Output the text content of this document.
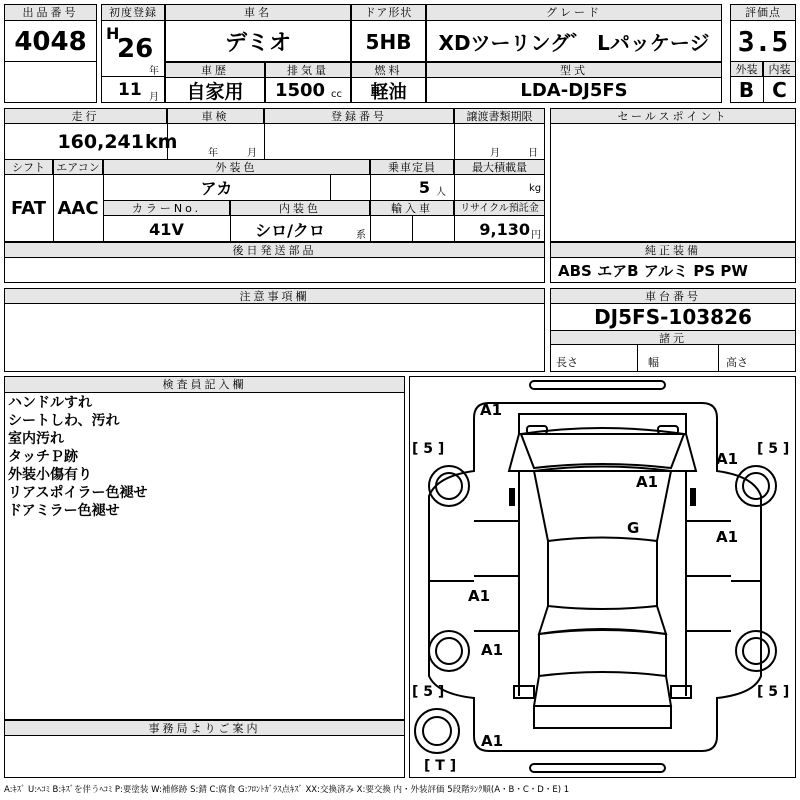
出品番号
4048
初度登録
H
26
年
11 月
車名
デミオ
ドア形状
5HB
グレード
XDツーリング゛ Lパッケージ
評価点
3.5
外装	内装
B C
車歴
自家用
排気量
1500 cc
燃料
軽油
型式
LDA-DJ5FS
走行	車検	登録番号	譲渡書類期限
160,241 km
年	月	月	日
シフト	エアコン	外装色	乗車定員	最大積載量
FAT AAC
アカ	5 人	kg
カラーNo.	内装色	輸入車	リサイクル預託金
41V	シロ/クロ	系	9,130 円
セールスポイント
後日発送部品	純正装備
ABS エアB アルミ PS PW
注意事項欄	車台番号
DJ5FS-103826
諸元
長さ	幅	高さ
検査員記入欄
ハンドルすれ
シートしわ、汚れ
室内汚れ
タッチＰ跡
外装小傷有り
リアスポイラー色褪せ
ドアミラー色褪せ
事務局よりご案内
A1
A1
A1
G	A1
A1
A1
A1
[ 5 ]	[ 5 ]
[ 5 ]	[ 5 ]
[ T ]
A:ｷｽﾞ U:ﾍｺﾐ B:ｷｽﾞを伴うﾍｺﾐ P:要塗装 W:補修跡 S:錆 C:腐食 G:ﾌﾛﾝﾄｶﾞﾗｽ点ｷｽﾞ XX:交換済み X:要交換 内・外装評価 5段階ﾗﾝｸ順(A・B・C・D・E) 1
